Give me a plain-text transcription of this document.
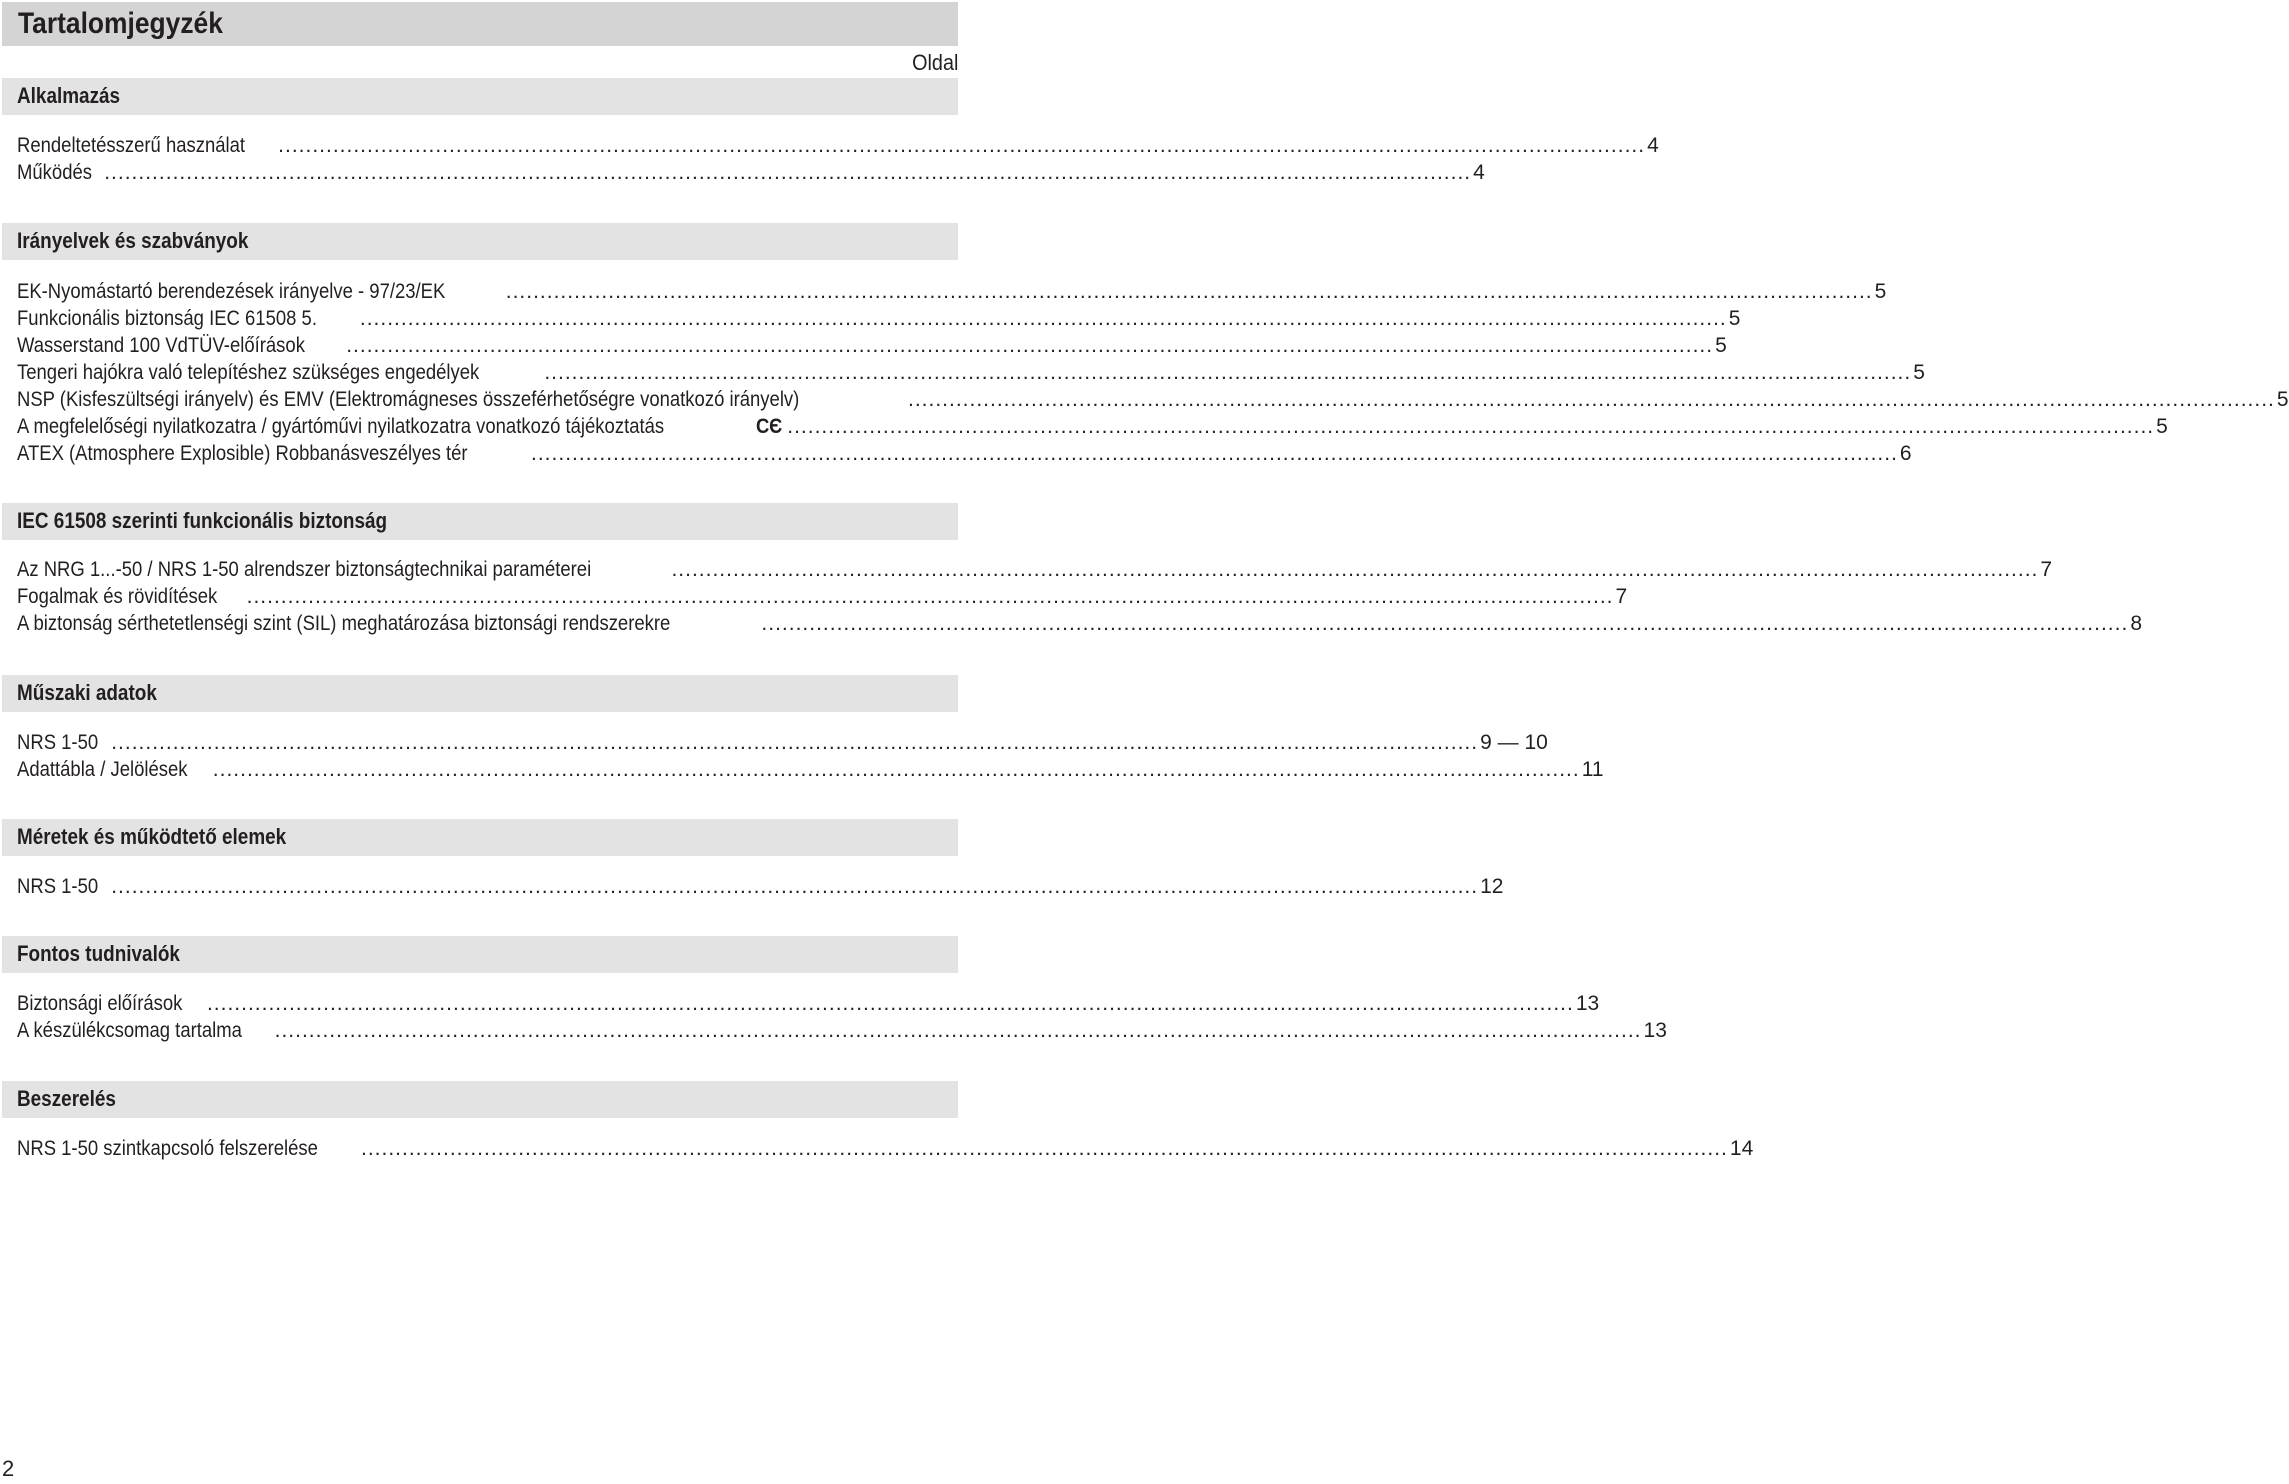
Tartalomjegyzék
Oldal
Alkalmazás
Rendeltetésszerű használat ........................................................................................................................................................................................................ 4
Működés ........................................................................................................................................................................................................ 4
Irányelvek és szabványok
EK-Nyomástartó berendezések irányelve - 97/23/EK	........................................................................................................................................................................................................ 5
Funkcionális biztonság IEC 61508 5. ........................................................................................................................................................................................................ 5
Wasserstand 100 VdTÜV-előírások ........................................................................................................................................................................................................ 5
Tengeri hajókra való telepítéshez szükséges engedélyek	........................................................................................................................................................................................................ 5
NSP (Kisfeszültségi irányelv) és EMV (Elektromágneses összeférhetőségre vonatkozó irányelv)	........................................................................................................................................................................................................ 5
A megfelelőségi nyilatkozatra / gyártóművi nyilatkozatra vonatkozó tájékoztatás	C Є ........................................................................................................................................................................................................ 5
ATEX (Atmosphere Explosible) Robbanásveszélyes tér	........................................................................................................................................................................................................ 6
IEC 61508 szerinti funkcionális biztonság
Az NRG 1...-50 / NRS 1-50 alrendszer biztonságtechnikai paraméterei	........................................................................................................................................................................................................ 7
Fogalmak és rövidítések ........................................................................................................................................................................................................ 7
A biztonság sérthetetlenségi szint (SIL) meghatározása biztonsági rendszerekre	........................................................................................................................................................................................................ 8
Műszaki adatok
NRS 1-50 ........................................................................................................................................................................................................ 9 — 10
Adattábla / Jelölések ........................................................................................................................................................................................................ 11
Méretek és működtető elemek
NRS 1-50 ........................................................................................................................................................................................................ 12
Fontos tudnivalók
Biztonsági előírások ........................................................................................................................................................................................................ 13
A készülékcsomag tartalma ........................................................................................................................................................................................................ 13
Beszerelés
NRS 1-50 szintkapcsoló felszerelése ........................................................................................................................................................................................................ 14
2
